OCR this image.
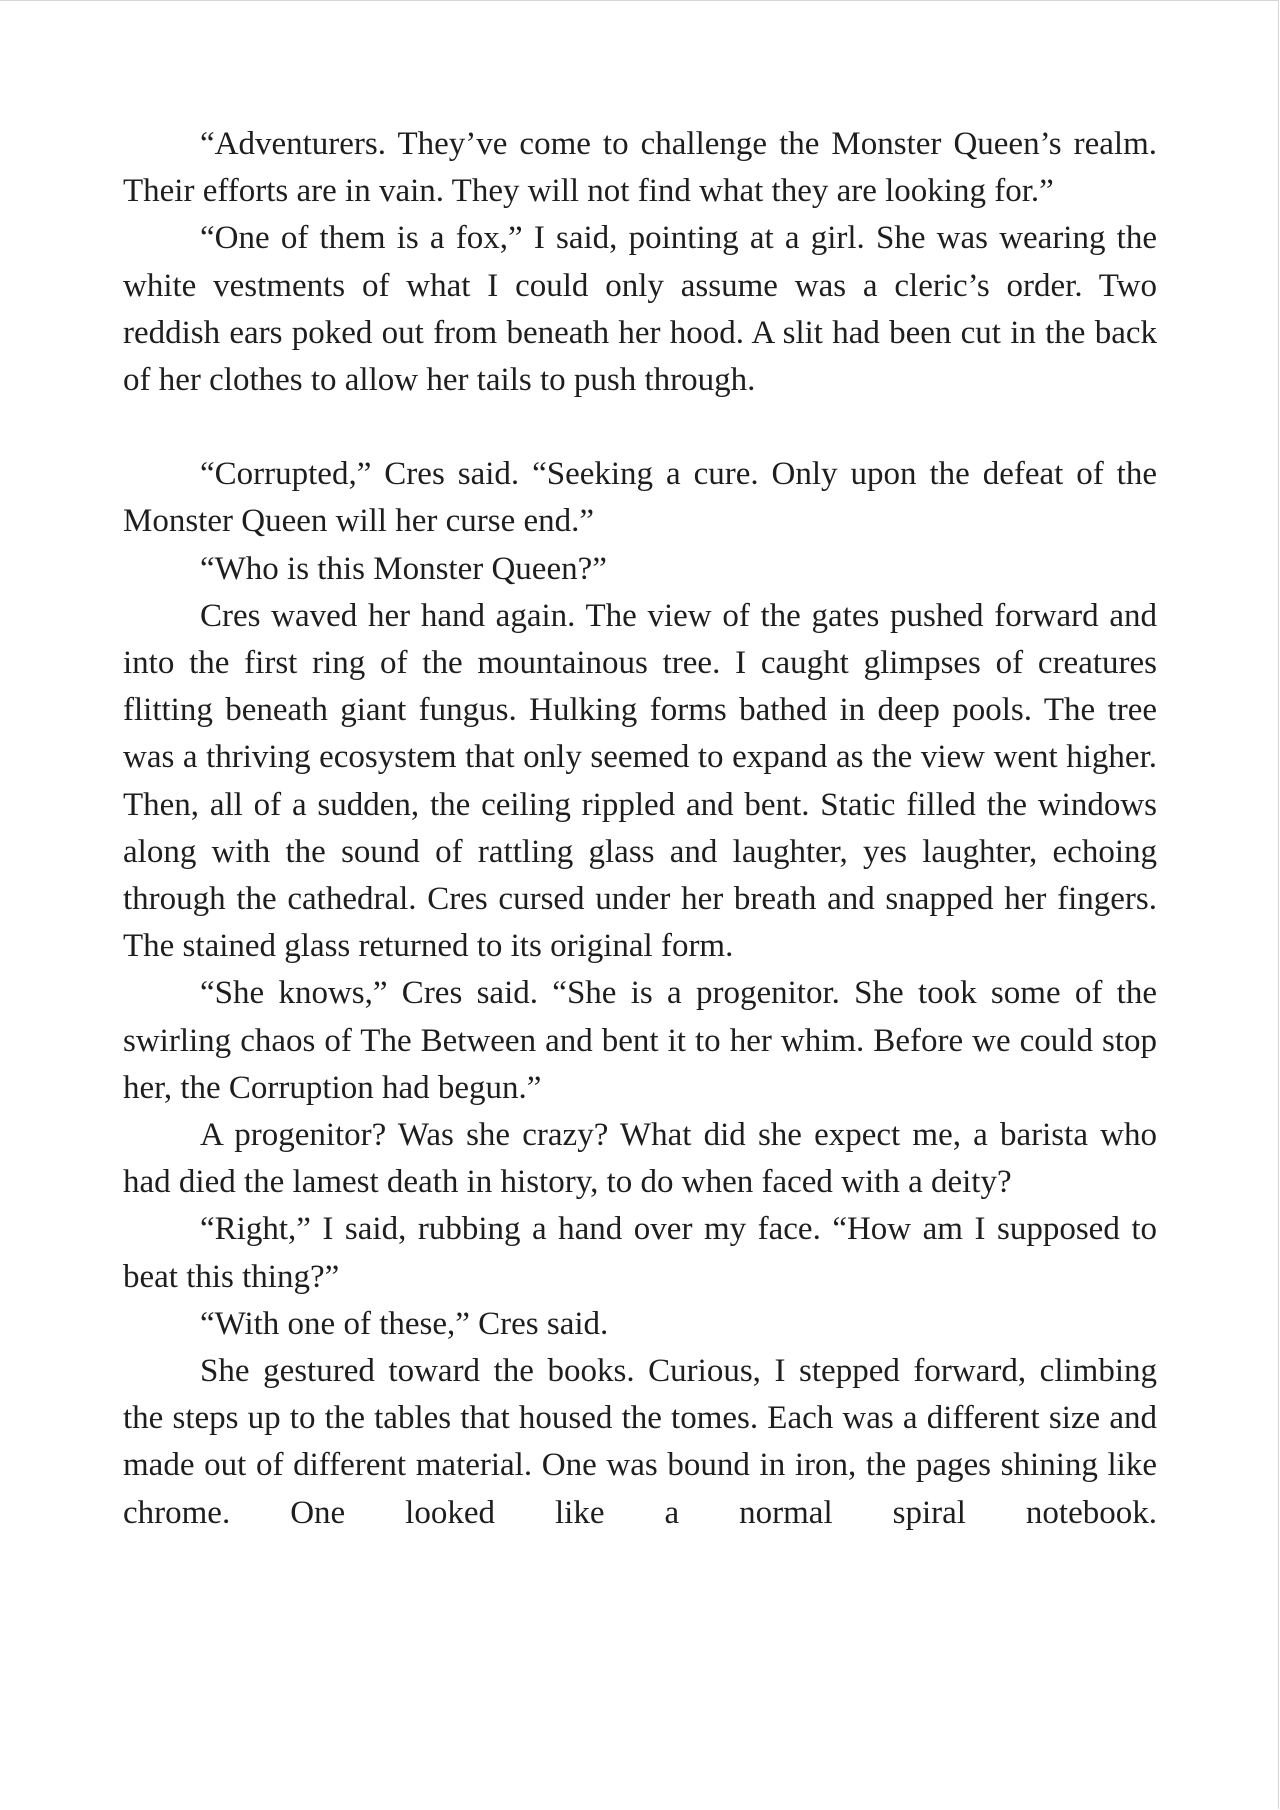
“Adventurers. They’ve come to challenge the Monster Queen’s realm. Their efforts are in vain. They will not find what they are looking for.”

“One of them is a fox,” I said, pointing at a girl. She was wearing the white vestments of what I could only assume was a cleric’s order. Two reddish ears poked out from beneath her hood. A slit had been cut in the back of her clothes to allow her tails to push through.

“Corrupted,” Cres said. “Seeking a cure. Only upon the defeat of the Monster Queen will her curse end.”

“Who is this Monster Queen?”

Cres waved her hand again. The view of the gates pushed forward and into the first ring of the mountainous tree. I caught glimpses of creatures flitting beneath giant fungus. Hulking forms bathed in deep pools. The tree was a thriving ecosystem that only seemed to expand as the view went higher. Then, all of a sudden, the ceiling rippled and bent. Static filled the windows along with the sound of rattling glass and laughter, yes laughter, echoing through the cathedral. Cres cursed under her breath and snapped her fingers. The stained glass returned to its original form.

“She knows,” Cres said. “She is a progenitor. She took some of the swirling chaos of The Between and bent it to her whim. Before we could stop her, the Corruption had begun.”

A progenitor? Was she crazy? What did she expect me, a barista who had died the lamest death in history, to do when faced with a deity?

“Right,” I said, rubbing a hand over my face. “How am I supposed to beat this thing?”

“With one of these,” Cres said.

She gestured toward the books. Curious, I stepped forward, climbing the steps up to the tables that housed the tomes. Each was a different size and made out of different material. One was bound in iron, the pages shining like chrome. One looked like a normal spiral notebook.
